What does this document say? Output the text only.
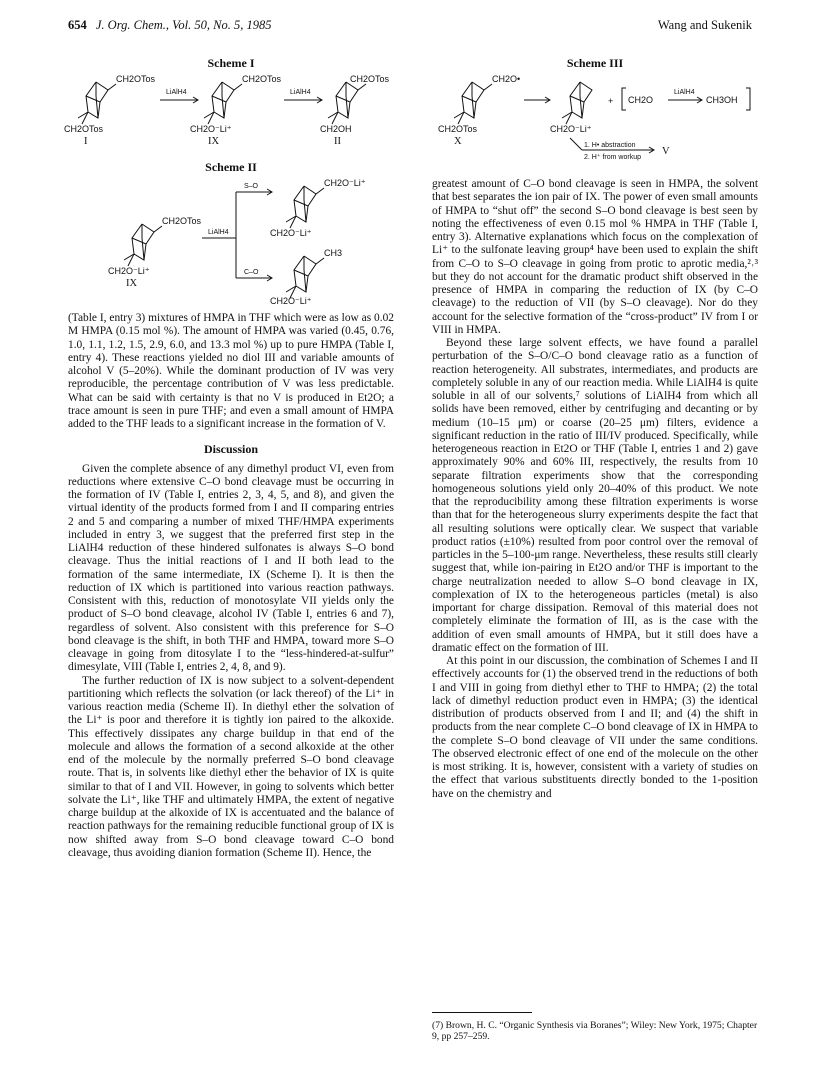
654 J. Org. Chem., Vol. 50, No. 5, 1985	Wang and Sukenik
Scheme I
CH2OTos
CH2OTos
I
LiAlH4
CH2OTos
CH2O⁻Li⁺
IX
LiAlH4
CH2OTos
CH2OH
II
Scheme II
CH2OTos
CH2O⁻Li⁺
IX
LiAlH4
S–O
C–O
CH2O⁻Li⁺
CH2O⁻Li⁺
CH3
CH2O⁻Li⁺
Scheme III
CH2O•
CH2OTos
X
CH2O⁻Li⁺
+ CH2O
LiAlH4
CH3OH
1. H• abstraction
2. H⁺ from workup
V

(Table I, entry 3) mixtures of HMPA in THF which were as low as 0.02 M HMPA (0.15 mol %). The amount of HMPA was varied (0.45, 0.76, 1.0, 1.1, 1.2, 1.5, 2.9, 6.0, and 13.3 mol %) up to pure HMPA (Table I, entry 4). These reactions yielded no diol III and variable amounts of alcohol V (5–20%). While the dominant production of IV was very reproducible, the percentage contribution of V was less predictable. What can be said with certainty is that no V is produced in Et2O; a trace amount is seen in pure THF; and even a small amount of HMPA added to the THF leads to a significant increase in the formation of V.

Discussion

Given the complete absence of any dimethyl product VI, even from reductions where extensive C–O bond cleavage must be occurring in the formation of IV (Table I, entries 2, 3, 4, 5, and 8), and given the virtual identity of the products formed from I and II comparing entries 2 and 5 and comparing a number of mixed THF/HMPA experiments included in entry 3, we suggest that the preferred first step in the LiAlH4 reduction of these hindered sulfonates is always S–O bond cleavage. Thus the initial reactions of I and II both lead to the formation of the same intermediate, IX (Scheme I). It is then the reduction of IX which is partitioned into various reaction pathways. Consistent with this, reduction of monotosylate VII yields only the product of S–O bond cleavage, alcohol IV (Table I, entries 6 and 7), regardless of solvent. Also consistent with this preference for S–O bond cleavage is the shift, in both THF and HMPA, toward more S–O cleavage in going from ditosylate I to the “less-hindered-at-sulfur” dimesylate, VIII (Table I, entries 2, 4, 8, and 9).

The further reduction of IX is now subject to a solvent-dependent partitioning which reflects the solvation (or lack thereof) of the Li⁺ in various reaction media (Scheme II). In diethyl ether the solvation of the Li⁺ is poor and therefore it is tightly ion paired to the alkoxide. This effectively dissipates any charge buildup in that end of the molecule and allows the formation of a second alkoxide at the other end of the molecule by the normally preferred S–O bond cleavage route. That is, in solvents like diethyl ether the behavior of IX is quite similar to that of I and VII. However, in going to solvents which better solvate the Li⁺, like THF and ultimately HMPA, the extent of negative charge buildup at the alkoxide of IX is accentuated and the balance of reaction pathways for the remaining reducible functional group of IX is now shifted away from S–O bond cleavage toward C–O bond cleavage, thus avoiding dianion formation (Scheme II). Hence, the

greatest amount of C–O bond cleavage is seen in HMPA, the solvent that best separates the ion pair of IX. The power of even small amounts of HMPA to “shut off” the second S–O bond cleavage is best seen by noting the effectiveness of even 0.15 mol % HMPA in THF (Table I, entry 3). Alternative explanations which focus on the complexation of Li⁺ to the sulfonate leaving group⁴ have been used to explain the shift from C–O to S–O cleavage in going from protic to aprotic media,²˒³ but they do not account for the dramatic product shift observed in the presence of HMPA in comparing the reduction of IX (by C–O cleavage) to the reduction of VII (by S–O cleavage). Nor do they account for the selective formation of the “cross-product” IV from I or VIII in HMPA.

Beyond these large solvent effects, we have found a parallel perturbation of the S–O/C–O bond cleavage ratio as a function of reaction heterogeneity. All substrates, intermediates, and products are completely soluble in any of our reaction media. While LiAlH4 is quite soluble in all of our solvents,⁷ solutions of LiAlH4 from which all solids have been removed, either by centrifuging and decanting or by medium (10–15 μm) or coarse (20–25 μm) filters, evidence a significant reduction in the ratio of III/IV produced. Specifically, while heterogeneous reaction in Et2O or THF (Table I, entries 1 and 2) gave approximately 90% and 60% III, respectively, the results from 10 separate filtration experiments show that the corresponding homogeneous solutions yield only 20–40% of this product. We note that the reproducibility among these filtration experiments is worse than that for the heterogeneous slurry experiments despite the fact that all resulting solutions were optically clear. We suspect that variable product ratios (±10%) resulted from poor control over the removal of particles in the 5–100-μm range. Nevertheless, these results still clearly suggest that, while ion-pairing in Et2O and/or THF is important to the charge neutralization needed to allow S–O bond cleavage in IX, complexation of IX to the heterogeneous particles (metal) is also important for charge dissipation. Removal of this material does not completely eliminate the formation of III, as is the case with the addition of even small amounts of HMPA, but it still does have a dramatic effect on the formation of III.

At this point in our discussion, the combination of Schemes I and II effectively accounts for (1) the observed trend in the reductions of both I and VIII in going from diethyl ether to THF to HMPA; (2) the total lack of dimethyl reduction product even in HMPA; (3) the identical distribution of products observed from I and II; and (4) the shift in products from the near complete C–O bond cleavage of IX in HMPA to the complete S–O bond cleavage of VII under the same conditions. The observed electronic effect of one end of the molecule on the other is most striking. It is, however, consistent with a variety of studies on the effect that various substituents directly bonded to the 1-position have on the chemistry and

(7) Brown, H. C. “Organic Synthesis via Boranes”; Wiley: New York, 1975; Chapter 9, pp 257–259.
